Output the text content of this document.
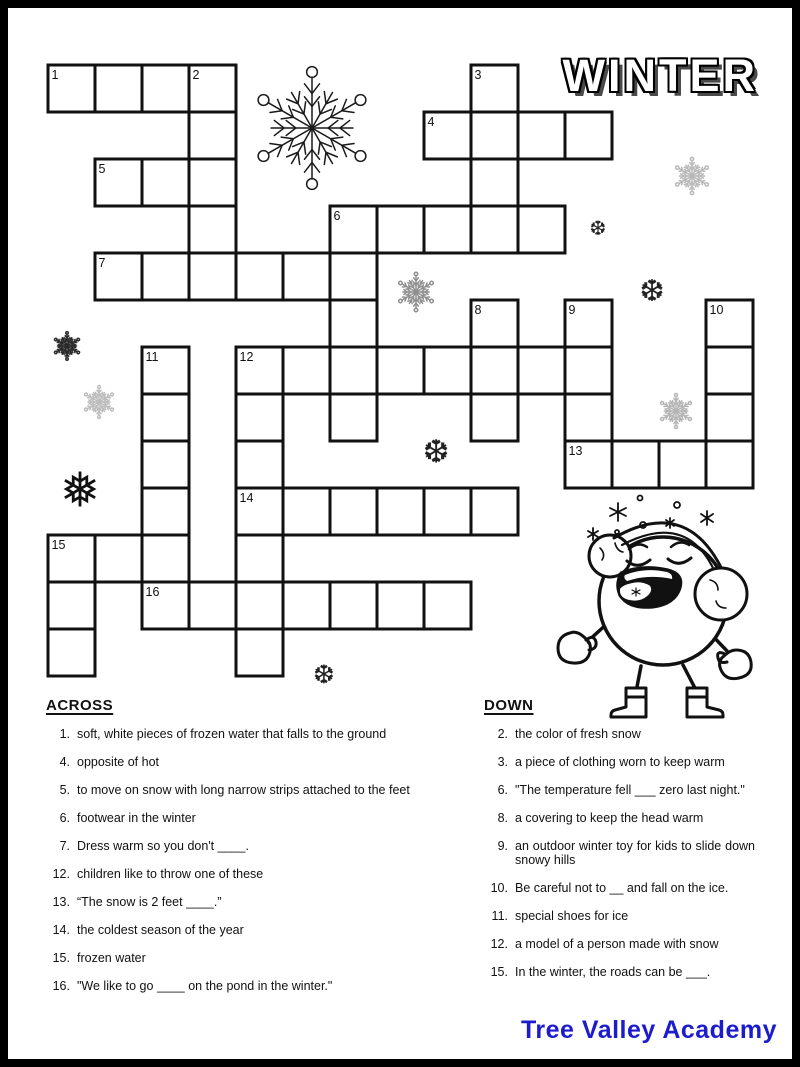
WINTER
1
4
5
6
7
12
13
14
15
16
2	3
8	9	10
11
❆
❆
❆
❅
❆
ACROSS
1. soft, white pieces of frozen water that falls to the ground
4. opposite of hot
5. to move on snow with long narrow strips attached to the feet
6. footwear in the winter
7. Dress warm so you don't ____.
12. children like to throw one of these
13. “The snow is 2 feet ____.”
14. the coldest season of the year
15. frozen water
16. "We like to go ____ on the pond in the winter."
DOWN
2. the color of fresh snow
3. a piece of clothing worn to keep warm
6. "The temperature fell ___ zero last night."
8. a covering to keep the head warm
9. an outdoor winter toy for kids to slide down snowy hills
10. Be careful not to __ and fall on the ice.
11. special shoes for ice
12. a model of a person made with snow
15. In the winter, the roads can be ___.
Tree Valley Academy
